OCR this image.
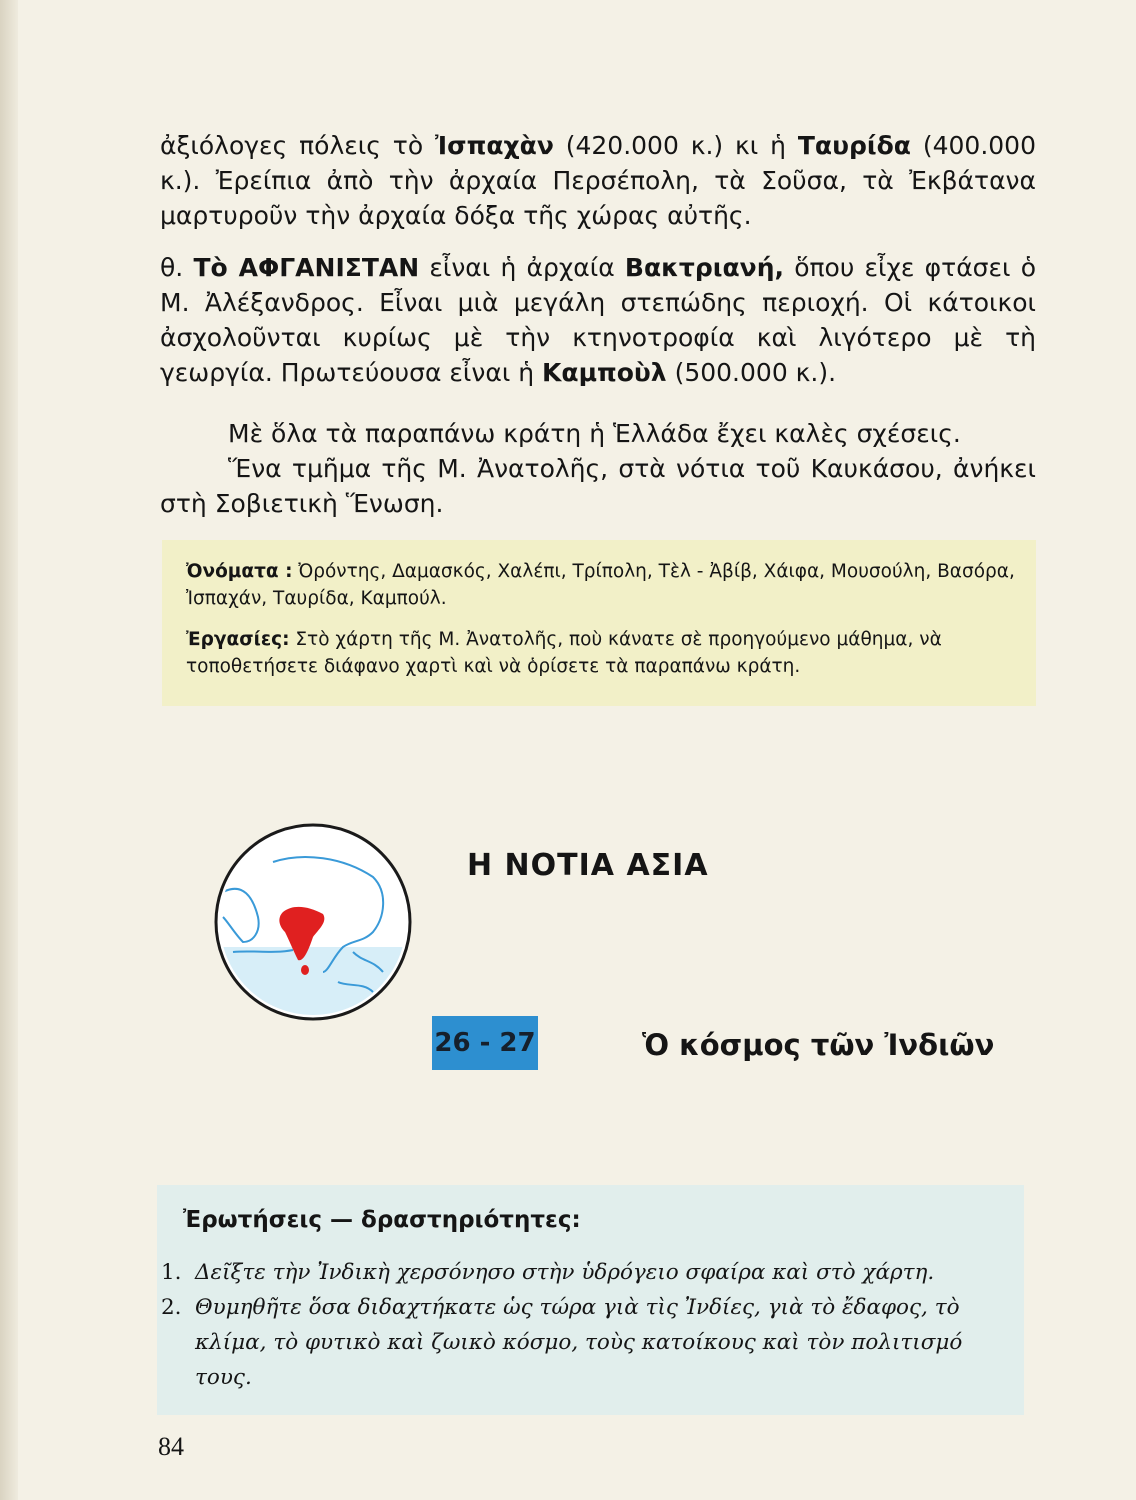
ἀξιόλογες πόλεις τὸ Ἰσπαχὰν (420.000 κ.) κι ἡ Ταυρίδα (400.000 κ.). Ἐρείπια ἀπὸ τὴν ἀρχαία Περσέπολη, τὰ Σοῦσα, τὰ Ἐκβάτανα μαρτυροῦν τὴν ἀρχαία δόξα τῆς χώρας αὐτῆς.

θ. Τὸ ΑΦΓΑΝΙΣΤΑΝ εἶναι ἡ ἀρχαία Βακτριανή, ὅπου εἶχε φτάσει ὁ Μ. Ἀλέξανδρος. Εἶναι μιὰ μεγάλη στεπώδης περιοχή. Οἱ κάτοικοι ἀσχολοῦνται κυρίως μὲ τὴν κτηνοτροφία καὶ λιγότερο μὲ τὴ γεωργία. Πρωτεύουσα εἶναι ἡ Καμποὺλ (500.000 κ.).

Μὲ ὅλα τὰ παραπάνω κράτη ἡ Ἑλλάδα ἔχει καλὲς σχέσεις.

Ἕνα τμῆμα τῆς Μ. Ἀνατολῆς, στὰ νότια τοῦ Καυκάσου, ἀνήκει στὴ Σοβιετικὴ Ἕνωση.

Ὀνόματα : Ὀρόντης, Δαμασκός, Χαλέπι, Τρίπολη, Τὲλ - Ἀβίβ, Χάιφα, Μουσούλη, Βασόρα, Ἰσπαχάν, Ταυρίδα, Καμπούλ.

Ἐργασίες: Στὸ χάρτη τῆς Μ. Ἀνατολῆς, ποὺ κάνατε σὲ προηγούμενο μάθημα, νὰ τοποθετήσετε διάφανο χαρτὶ καὶ νὰ ὁρίσετε τὰ παραπάνω κράτη.

Η ΝΟΤΙΑ ΑΣΙΑ
26 - 27	Ὁ κόσμος τῶν Ἰνδιῶν
Ἐρωτήσεις — δραστηριότητες:
1. Δεῖξτε τὴν Ἰνδικὴ χερσόνησο στὴν ὑδρόγειο σφαίρα καὶ στὸ χάρτη.
2. Θυμηθῆτε ὅσα διδαχτήκατε ὡς τώρα γιὰ τὶς Ἰνδίες, γιὰ τὸ ἔδαφος, τὸ κλίμα, τὸ φυτικὸ καὶ ζωικὸ κόσμο, τοὺς κατοίκους καὶ τὸν πολιτισμό τους.
84
